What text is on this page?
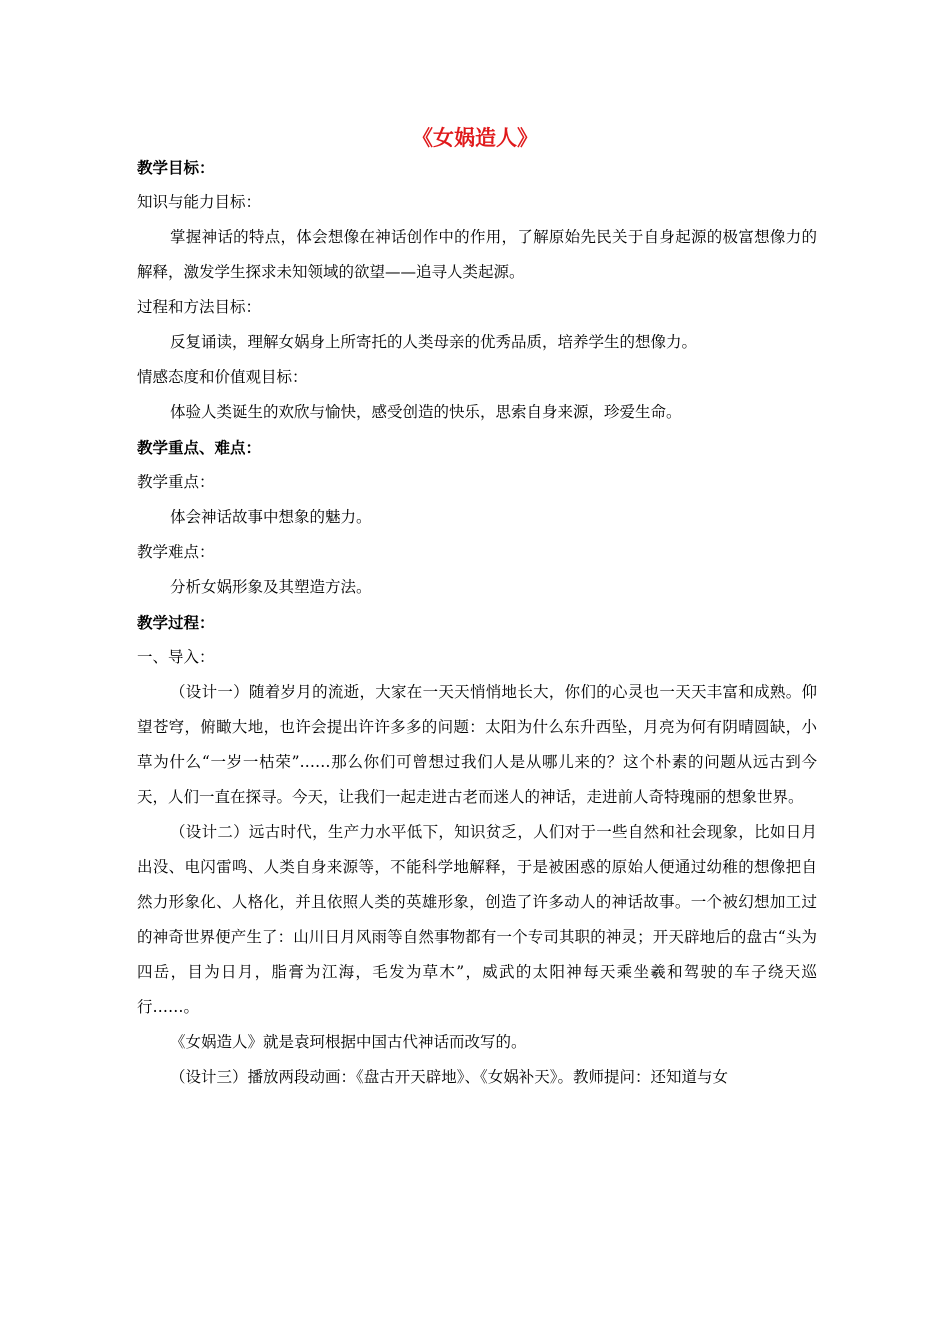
《女娲造人》
教学目标：
知识与能力目标：

掌握神话的特点，体会想像在神话创作中的作用，了解原始先民关于自身起源的极富想像力的解释，激发学生探求未知领域的欲望——追寻人类起源。

过程和方法目标：
反复诵读，理解女娲身上所寄托的人类母亲的优秀品质，培养学生的想像力。
情感态度和价值观目标：
体验人类诞生的欢欣与愉快，感受创造的快乐，思索自身来源，珍爱生命。
教学重点、难点：
教学重点：
体会神话故事中想象的魅力。
教学难点：
分析女娲形象及其塑造方法。
教学过程：
一、导入：

（设计一）随着岁月的流逝，大家在一天天悄悄地长大，你们的心灵也一天天丰富和成熟。仰望苍穹，俯瞰大地，也许会提出许许多多的问题：太阳为什么东升西坠，月亮为何有阴晴圆缺，小草为什么“一岁一枯荣”……那么你们可曾想过我们人是从哪儿来的？这个朴素的问题从远古到今天，人们一直在探寻。今天，让我们一起走进古老而迷人的神话，走进前人奇特瑰丽的想象世界。

（设计二）远古时代，生产力水平低下，知识贫乏，人们对于一些自然和社会现象，比如日月出没、电闪雷鸣、人类自身来源等，不能科学地解释，于是被困惑的原始人便通过幼稚的想像把自然力形象化、人格化，并且依照人类的英雄形象，创造了许多动人的神话故事。一个被幻想加工过的神奇世界便产生了：山川日月风雨等自然事物都有一个专司其职的神灵；开天辟地后的盘古“头为四岳，目为日月，脂膏为江海，毛发为草木”，威武的太阳神每天乘坐羲和驾驶的车子绕天巡行……。

《女娲造人》就是袁珂根据中国古代神话而改写的。
（设计三）播放两段动画：《盘古开天辟地》、《女娲补天》。教师提问：还知道与女
